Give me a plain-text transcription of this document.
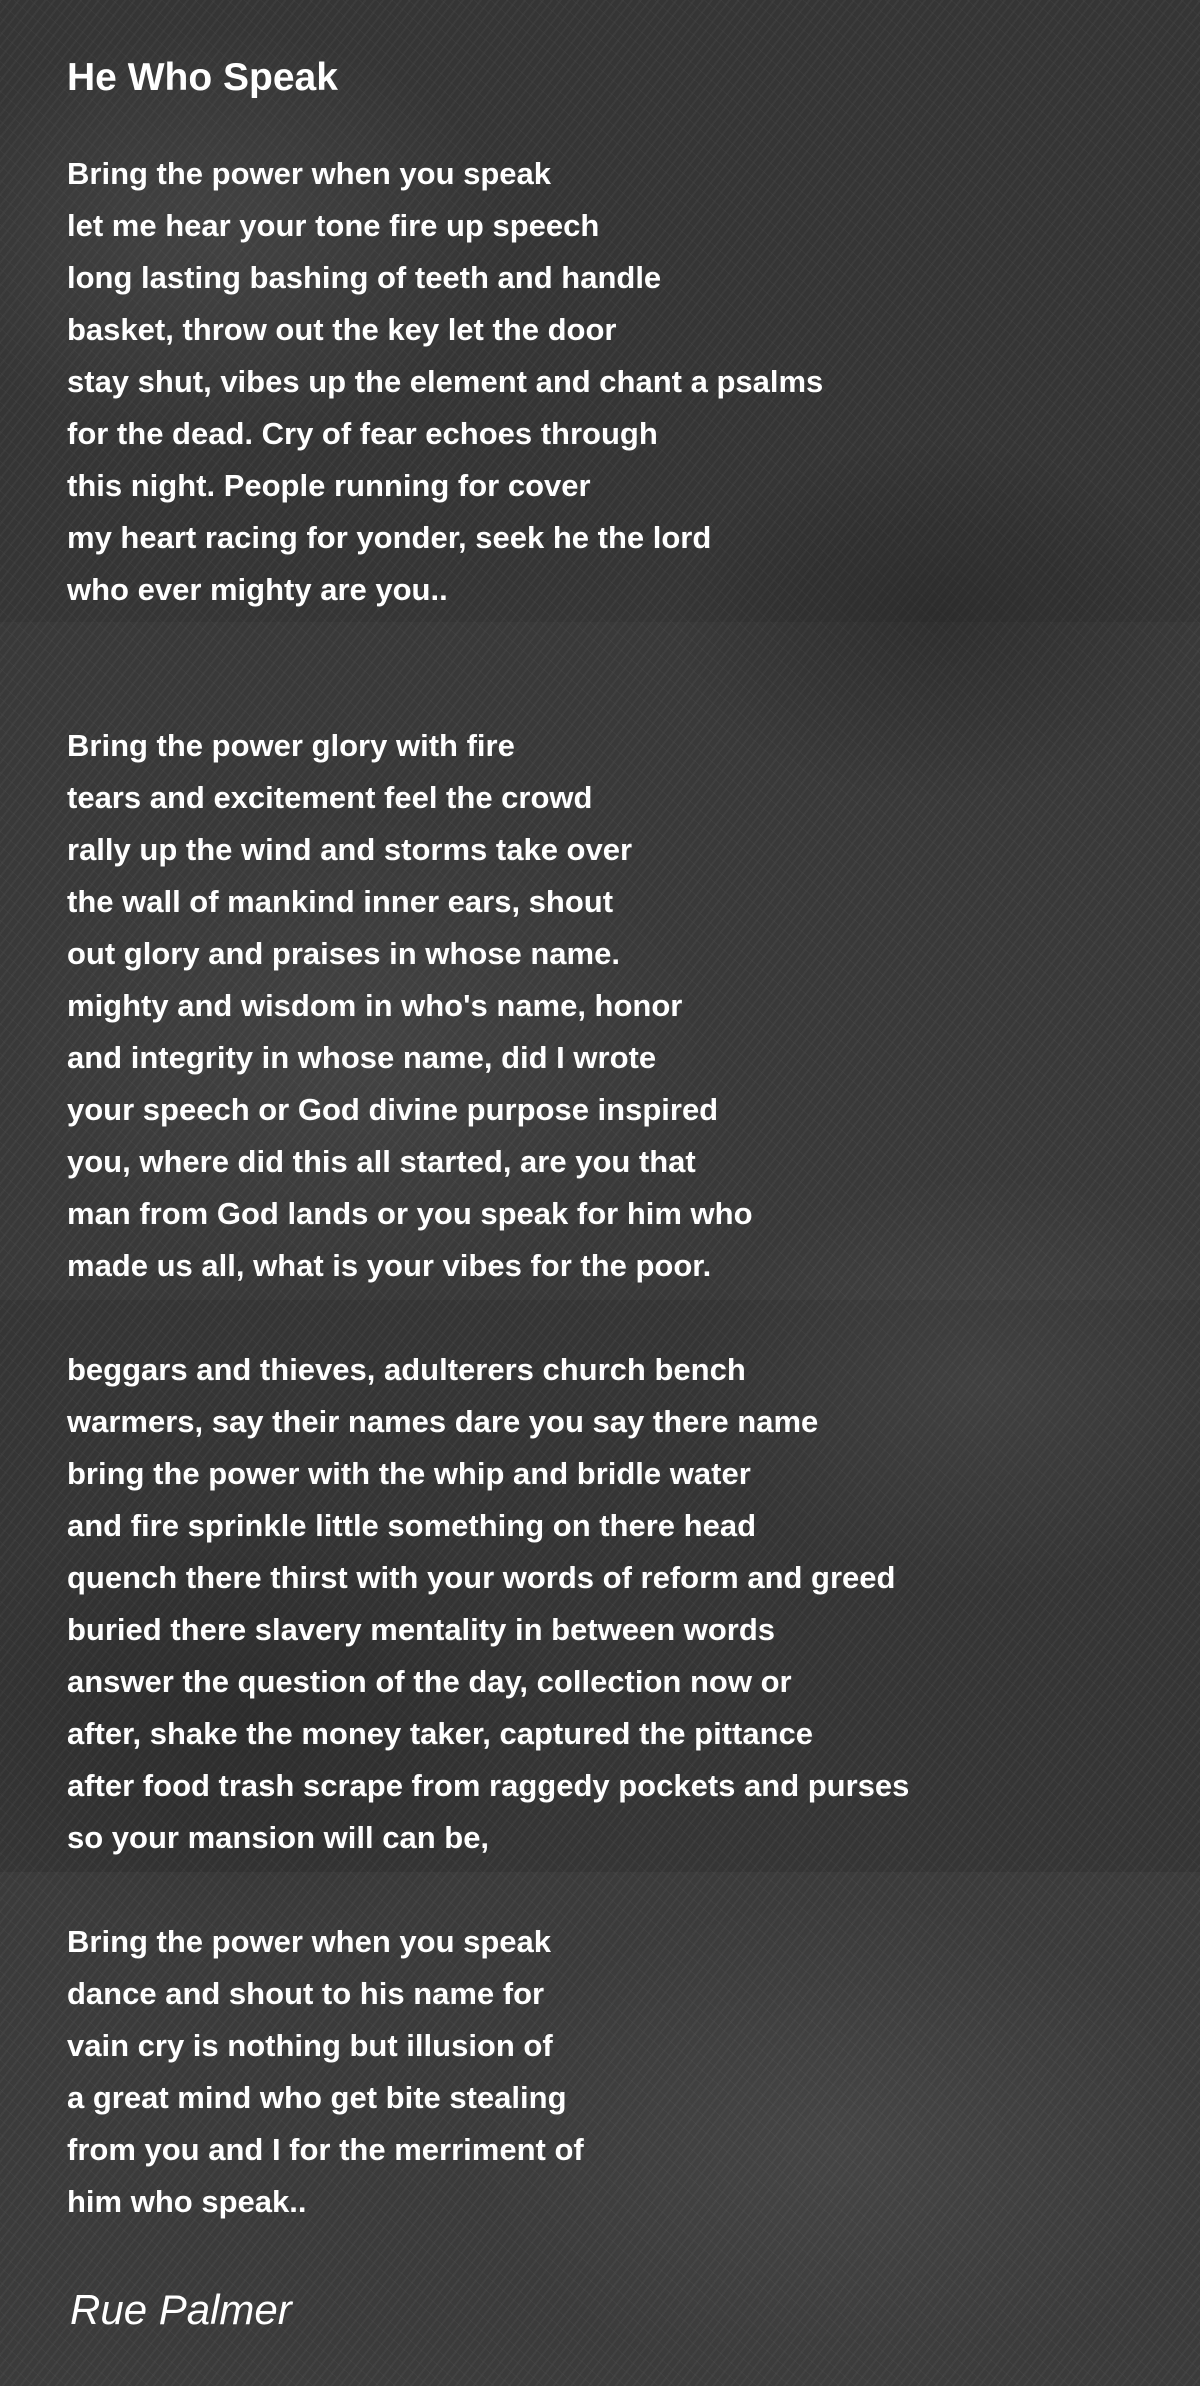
He Who Speak
Bring the power when you speak
let me hear your tone fire up speech
long lasting bashing of teeth and handle
basket, throw out the key let the door
stay shut, vibes up the element and chant a psalms
for the dead. Cry of fear echoes through
this night. People running for cover
my heart racing for yonder, seek he the lord
who ever mighty are you..
Bring the power glory with fire
tears and excitement feel the crowd
rally up the wind and storms take over
the wall of mankind inner ears, shout
out glory and praises in whose name.
mighty and wisdom in who's name, honor
and integrity in whose name, did I wrote
your speech or God divine purpose inspired
you, where did this all started, are you that
man from God lands or you speak for him who
made us all, what is your vibes for the poor.
beggars and thieves, adulterers church bench
warmers, say their names dare you say there name
bring the power with the whip and bridle water
and fire sprinkle little something on there head
quench there thirst with your words of reform and greed
buried there slavery mentality in between words
answer the question of the day, collection now or
after, shake the money taker, captured the pittance
after food trash scrape from raggedy pockets and purses
so your mansion will can be,
Bring the power when you speak
dance and shout to his name for
vain cry is nothing but illusion of
a great mind who get bite stealing
from you and I for the merriment of
him who speak..
Rue Palmer
